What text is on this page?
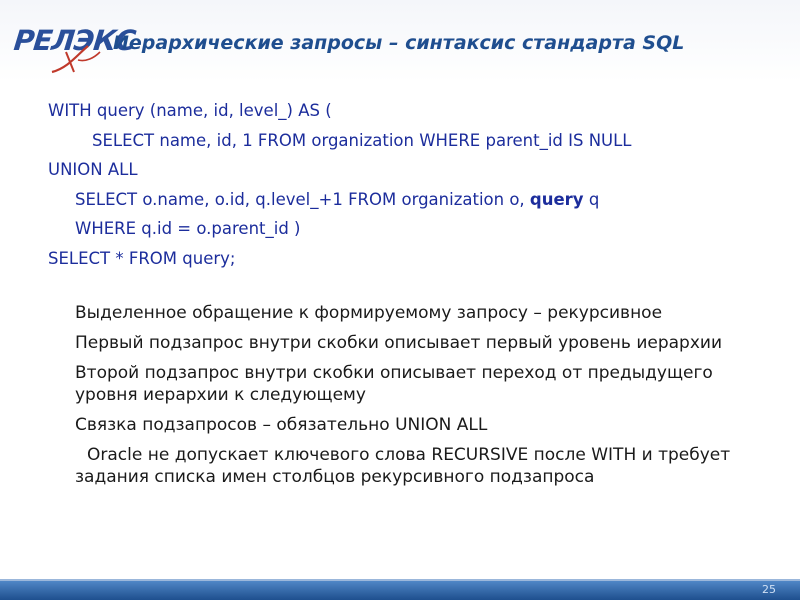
РЕЛЭКС
Иерархические запросы – синтаксис стандарта SQL
WITH query (name, id, level_) AS (
SELECT name, id, 1 FROM organization WHERE parent_id IS NULL
UNION ALL
SELECT o.name, o.id, q.level_+1 FROM organization o, query q
WHERE q.id = o.parent_id )
SELECT * FROM query;
Выделенное обращение к формируемому запросу – рекурсивное
Первый подзапрос внутри скобки описывает первый уровень иерархии
Второй подзапрос внутри скобки описывает переход от предыдущего уровня иерархии к следующему
Связка подзапросов – обязательно UNION ALL
Oracle не допускает ключевого слова RECURSIVE после WITH и требует задания списка имен столбцов рекурсивного подзапроса
25
